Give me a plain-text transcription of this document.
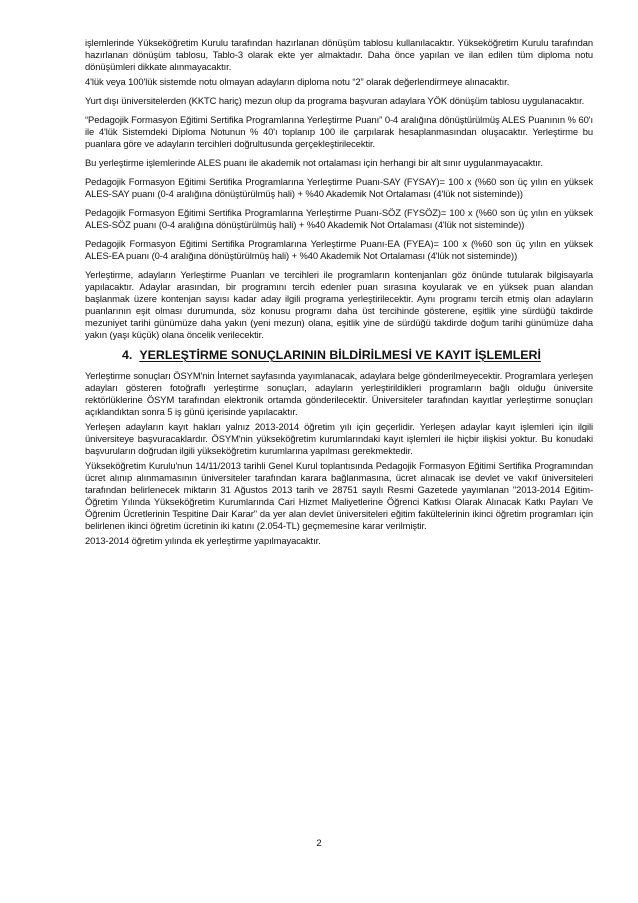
işlemlerinde Yükseköğretim Kurulu tarafından hazırlanan dönüşüm tablosu kullanılacaktır. Yükseköğretim Kurulu tarafından hazırlanan dönüşüm tablosu, Tablo-3 olarak ekte yer almaktadır. Daha önce yapılan ve ilan edilen tüm diploma notu dönüşümleri dikkate alınmayacaktır.

4'lük veya 100'lük sistemde notu olmayan adayların diploma notu “2” olarak değerlendirmeye alınacaktır.

Yurt dışı üniversitelerden (KKTC hariç) mezun olup da programa başvuran adaylara YÖK dönüşüm tablosu uygulanacaktır.

“Pedagojik Formasyon Eğitimi Sertifika Programlarına Yerleştirme Puanı” 0-4 aralığına dönüştürülmüş ALES Puanının % 60'ı ile 4'lük Sistemdeki Diploma Notunun % 40'ı toplanıp 100 ile çarpılarak hesaplanmasından oluşacaktır. Yerleştirme bu puanlara göre ve adayların tercihleri doğrultusunda gerçekleştirilecektir.

Bu yerleştirme işlemlerinde ALES puanı ile akademik not ortalaması için herhangi bir alt sınır uygulanmayacaktır.

Pedagojik Formasyon Eğitimi Sertifika Programlarına Yerleştirme Puanı-SAY (FYSAY)= 100 x (%60 son üç yılın en yüksek ALES-SAY puanı (0-4 aralığına dönüştürülmüş hali) + %40 Akademik Not Ortalaması (4'lük not sisteminde))

Pedagojik Formasyon Eğitimi Sertifika Programlarına Yerleştirme Puanı-SÖZ (FYSÖZ)= 100 x (%60 son üç yılın en yüksek ALES-SÖZ puanı (0-4 aralığına dönüştürülmüş hali) + %40 Akademik Not Ortalaması (4'lük not sisteminde))

Pedagojik Formasyon Eğitimi Sertifika Programlarına Yerleştirme Puanı-EA (FYEA)= 100 x (%60 son üç yılın en yüksek ALES-EA puanı (0-4 aralığına dönüştürülmüş hali) + %40 Akademik Not Ortalaması (4'lük not sisteminde))

Yerleştirme, adayların Yerleştirme Puanları ve tercihleri ile programların kontenjanları göz önünde tutularak bilgisayarla yapılacaktır. Adaylar arasından, bir programını tercih edenler puan sırasına koyularak ve en yüksek puan alandan başlanmak üzere kontenjan sayısı kadar aday ilgili programa yerleştirilecektir. Aynı programı tercih etmiş olan adayların puanlarının eşit olması durumunda, söz konusu programı daha üst tercihinde gösterene, eşitlik yine sürdüğü takdirde mezuniyet tarihi günümüze daha yakın (yeni mezun) olana, eşitlik yine de sürdüğü takdirde doğum tarihi günümüze daha yakın (yaşı küçük) olana öncelik verilecektir.

4. YERLEŞTİRME SONUÇLARININ BİLDİRİLMESİ VE KAYIT İŞLEMLERİ

Yerleştirme sonuçları ÖSYM'nin İnternet sayfasında yayımlanacak, adaylara belge gönderilmeyecektir. Programlara yerleşen adayları gösteren fotoğraflı yerleştirme sonuçları, adayların yerleştirildikleri programların bağlı olduğu üniversite rektörlüklerine ÖSYM tarafından elektronik ortamda gönderilecektir. Üniversiteler tarafından kayıtlar yerleştirme sonuçları açıklandıktan sonra 5 iş günü içerisinde yapılacaktır.

Yerleşen adayların kayıt hakları yalnız 2013-2014 öğretim yılı için geçerlidir. Yerleşen adaylar kayıt işlemleri için ilgili üniversiteye başvuracaklardır. ÖSYM'nin yükseköğretim kurumlarındaki kayıt işlemleri ile hiçbir ilişkisi yoktur. Bu konudaki başvuruların doğrudan ilgili yükseköğretim kurumlarına yapılması gerekmektedir.

Yükseköğretim Kurulu'nun 14/11/2013 tarihli Genel Kurul toplantısında Pedagojik Formasyon Eğitimi Sertifika Programından ücret alınıp alınmamasının üniversiteler tarafından karara bağlanmasına, ücret alınacak ise devlet ve vakıf üniversiteleri tarafından belirlenecek miktarın 31 Ağustos 2013 tarih ve 28751 sayılı Resmi Gazetede yayımlanan "2013-2014 Eğitim-Öğretim Yılında Yükseköğretim Kurumlarında Cari Hizmet Maliyetlerine Öğrenci Katkısı Olarak Alınacak Katkı Payları Ve Öğrenim Ücretlerinin Tespitine Dair Karar" da yer alan devlet üniversiteleri eğitim fakültelerinin ikinci öğretim programları için belirlenen ikinci öğretim ücretinin iki katını (2.054-TL) geçmemesine karar verilmiştir.

2013-2014 öğretim yılında ek yerleştirme yapılmayacaktır.

2
